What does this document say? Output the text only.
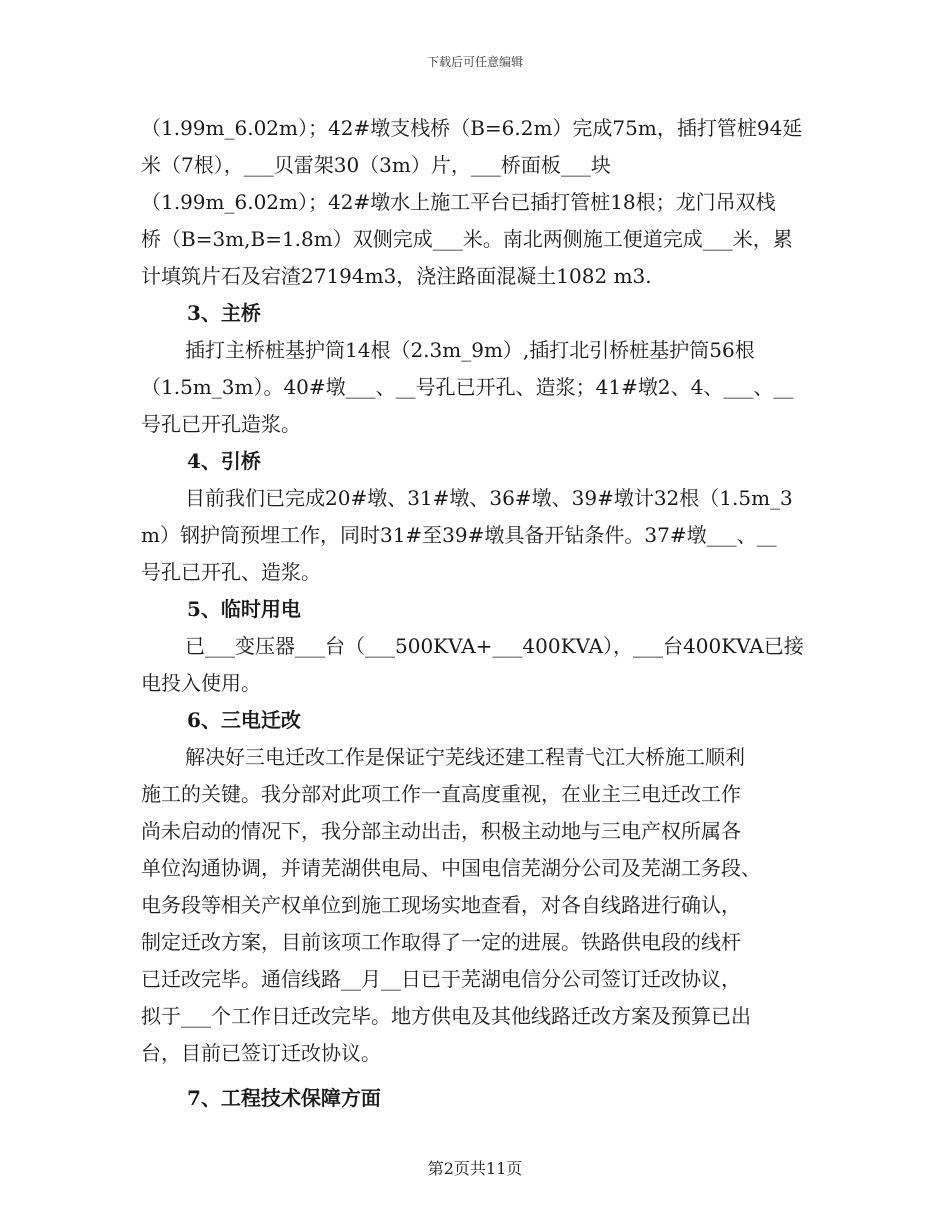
下载后可任意编辑
（1.99m_6.02m）；42#墩支栈桥（B=6.2m）完成75m，插打管桩94延
米（7根），___贝雷架30（3m）片，___桥面板___块
（1.99m_6.02m）；42#墩水上施工平台已插打管桩18根；龙门吊双栈
桥（B=3m,B=1.8m）双侧完成___米。南北两侧施工便道完成___米，累
计填筑片石及宕渣27194m3，浇注路面混凝土1082 m3.
3、主桥
插打主桥桩基护筒14根（2.3m_9m）,插打北引桥桩基护筒56根
（1.5m_3m）。40#墩___、__号孔已开孔、造浆；41#墩2、4、___、__
号孔已开孔造浆。
4、引桥
目前我们已完成20#墩、31#墩、36#墩、39#墩计32根（1.5m_3
m）钢护筒预埋工作，同时31#至39#墩具备开钻条件。37#墩___、__
号孔已开孔、造浆。
5、临时用电
已___变压器___台（___500KVA+___400KVA），___台400KVA已接
电投入使用。
6、三电迁改
解决好三电迁改工作是保证宁芜线还建工程青弋江大桥施工顺利
施工的关键。我分部对此项工作一直高度重视，在业主三电迁改工作
尚未启动的情况下，我分部主动出击，积极主动地与三电产权所属各
单位沟通协调，并请芜湖供电局、中国电信芜湖分公司及芜湖工务段、
电务段等相关产权单位到施工现场实地查看，对各自线路进行确认，
制定迁改方案，目前该项工作取得了一定的进展。铁路供电段的线杆
已迁改完毕。通信线路__月__日已于芜湖电信分公司签订迁改协议，
拟于___个工作日迁改完毕。地方供电及其他线路迁改方案及预算已出
台，目前已签订迁改协议。
7、工程技术保障方面
第2页共11页
